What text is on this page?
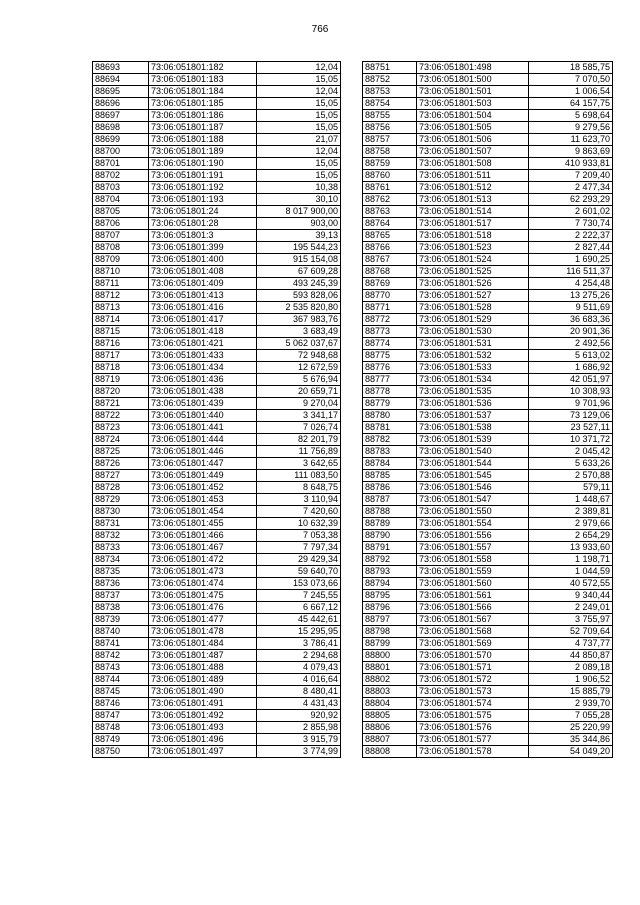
766
88693	73:06:051801:182	12,04
88694	73:06:051801:183	15,05
88695	73:06:051801:184	12,04
88696	73:06:051801:185	15,05
88697	73:06:051801:186	15,05
88698	73:06:051801:187	15,05
88699	73:06:051801:188	21,07
88700	73:06:051801:189	12,04
88701	73:06:051801:190	15,05
88702	73:06:051801:191	15,05
88703	73:06:051801:192	10,38
88704	73:06:051801:193	30,10
88705	73:06:051801:24	8 017 900,00
88706	73:06:051801:28	903,00
88707	73:06:051801:3	39,13
88708	73:06:051801:399	195 544,23
88709	73:06:051801:400	915 154,08
88710	73:06:051801:408	67 609,28
88711	73:06:051801:409	493 245,39
88712	73:06:051801:413	593 828,06
88713	73:06:051801:416	2 535 820,80
88714	73:06:051801:417	367 983,76
88715	73:06:051801:418	3 683,49
88716	73:06:051801:421	5 062 037,67
88717	73:06:051801:433	72 948,68
88718	73:06:051801:434	12 672,59
88719	73:06:051801:436	5 676,94
88720	73:06:051801:438	20 659,71
88721	73:06:051801:439	9 270,04
88722	73:06:051801:440	3 341,17
88723	73:06:051801:441	7 026,74
88724	73:06:051801:444	82 201,79
88725	73:06:051801:446	11 756,89
88726	73:06:051801:447	3 642,65
88727	73:06:051801:449	111 083,50
88728	73:06:051801:452	8 648,75
88729	73:06:051801:453	3 110,94
88730	73:06:051801:454	7 420,60
88731	73:06:051801:455	10 632,39
88732	73:06:051801:466	7 053,38
88733	73:06:051801:467	7 797,34
88734	73:06:051801:472	29 429,34
88735	73:06:051801:473	59 640,70
88736	73:06:051801:474	153 073,66
88737	73:06:051801:475	7 245,55
88738	73:06:051801:476	6 667,12
88739	73:06:051801:477	45 442,61
88740	73:06:051801:478	15 295,95
88741	73:06:051801:484	3 786,41
88742	73:06:051801:487	2 294,68
88743	73:06:051801:488	4 079,43
88744	73:06:051801:489	4 016,64
88745	73:06:051801:490	8 480,41
88746	73:06:051801:491	4 431,43
88747	73:06:051801:492	920,92
88748	73:06:051801:493	2 855,98
88749	73:06:051801:496	3 915,79
88750	73:06:051801:497	3 774,99
88751	73:06:051801:498	18 585,75
88752	73:06:051801:500	7 070,50
88753	73:06:051801:501	1 006,54
88754	73:06:051801:503	64 157,75
88755	73:06:051801:504	5 698,64
88756	73:06:051801:505	9 279,56
88757	73:06:051801:506	11 623,70
88758	73:06:051801:507	9 863,69
88759	73:06:051801:508	410 933,81
88760	73:06:051801:511	7 209,40
88761	73:06:051801:512	2 477,34
88762	73:06:051801:513	62 293,29
88763	73:06:051801:514	2 601,02
88764	73:06:051801:517	7 730,74
88765	73:06:051801:518	2 222,37
88766	73:06:051801:523	2 827,44
88767	73:06:051801:524	1 690,25
88768	73:06:051801:525	116 511,37
88769	73:06:051801:526	4 254,48
88770	73:06:051801:527	13 275,26
88771	73:06:051801:528	9 511,69
88772	73:06:051801:529	36 683,36
88773	73:06:051801:530	20 901,36
88774	73:06:051801:531	2 492,56
88775	73:06:051801:532	5 613,02
88776	73:06:051801:533	1 686,92
88777	73:06:051801:534	42 051,97
88778	73:06:051801:535	10 308,93
88779	73:06:051801:536	9 701,96
88780	73:06:051801:537	73 129,06
88781	73:06:051801:538	23 527,11
88782	73:06:051801:539	10 371,72
88783	73:06:051801:540	2 045,42
88784	73:06:051801:544	5 633,26
88785	73:06:051801:545	2 570,88
88786	73:06:051801:546	579,11
88787	73:06:051801:547	1 448,67
88788	73:06:051801:550	2 389,81
88789	73:06:051801:554	2 979,66
88790	73:06:051801:556	2 654,29
88791	73:06:051801:557	13 933,60
88792	73:06:051801:558	1 198,71
88793	73:06:051801:559	1 044,59
88794	73:06:051801:560	40 572,55
88795	73:06:051801:561	9 340,44
88796	73:06:051801:566	2 249,01
88797	73:06:051801:567	3 755,97
88798	73:06:051801:568	52 709,64
88799	73:06:051801:569	4 737,77
88800	73:06:051801:570	44 850,87
88801	73:06:051801:571	2 089,18
88802	73:06:051801:572	1 906,52
88803	73:06:051801:573	15 885,79
88804	73:06:051801:574	2 939,70
88805	73:06:051801:575	7 055,28
88806	73:06:051801:576	25 220,99
88807	73:06:051801:577	35 344,86
88808	73:06:051801:578	54 049,20
